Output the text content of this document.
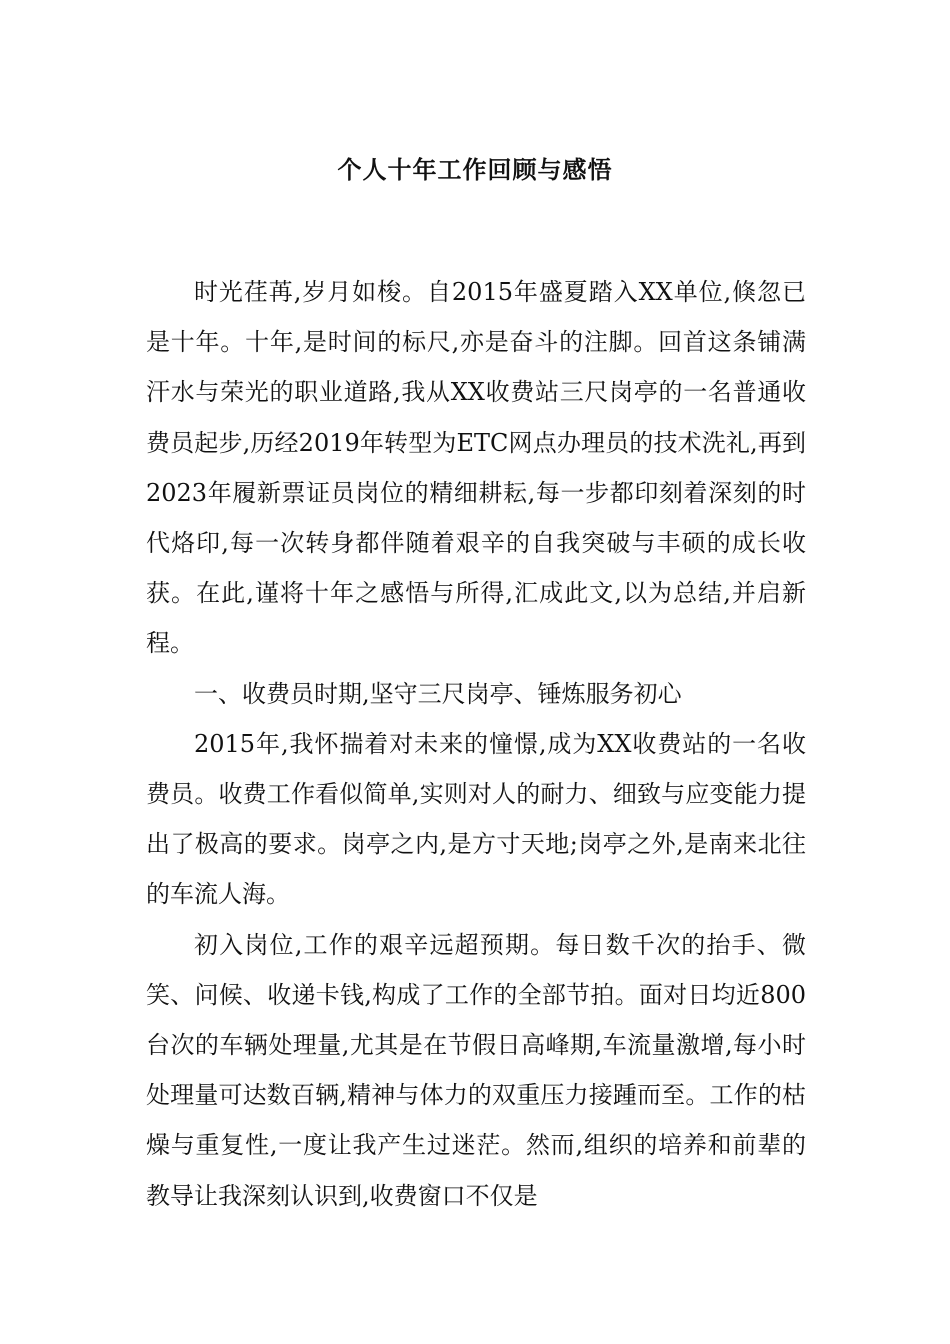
个人十年工作回顾与感悟

时光荏苒,岁月如梭。自2015年盛夏踏入XX单位,倏忽已是十年。十年,是时间的标尺,亦是奋斗的注脚。回首这条铺满汗水与荣光的职业道路,我从XX收费站三尺岗亭的一名普通收费员起步,历经2019年转型为ETC网点办理员的技术洗礼,再到2023年履新票证员岗位的精细耕耘,每一步都印刻着深刻的时代烙印,每一次转身都伴随着艰辛的自我突破与丰硕的成长收获。在此,谨将十年之感悟与所得,汇成此文,以为总结,并启新程。

一、收费员时期,坚守三尺岗亭、锤炼服务初心

2015年,我怀揣着对未来的憧憬,成为XX收费站的一名收费员。收费工作看似简单,实则对人的耐力、细致与应变能力提出了极高的要求。岗亭之内,是方寸天地;岗亭之外,是南来北往的车流人海。

初入岗位,工作的艰辛远超预期。每日数千次的抬手、微笑、问候、收递卡钱,构成了工作的全部节拍。面对日均近800台次的车辆处理量,尤其是在节假日高峰期,车流量激增,每小时处理量可达数百辆,精神与体力的双重压力接踵而至。工作的枯燥与重复性,一度让我产生过迷茫。然而,组织的培养和前辈的教导让我深刻认识到,收费窗口不仅是
